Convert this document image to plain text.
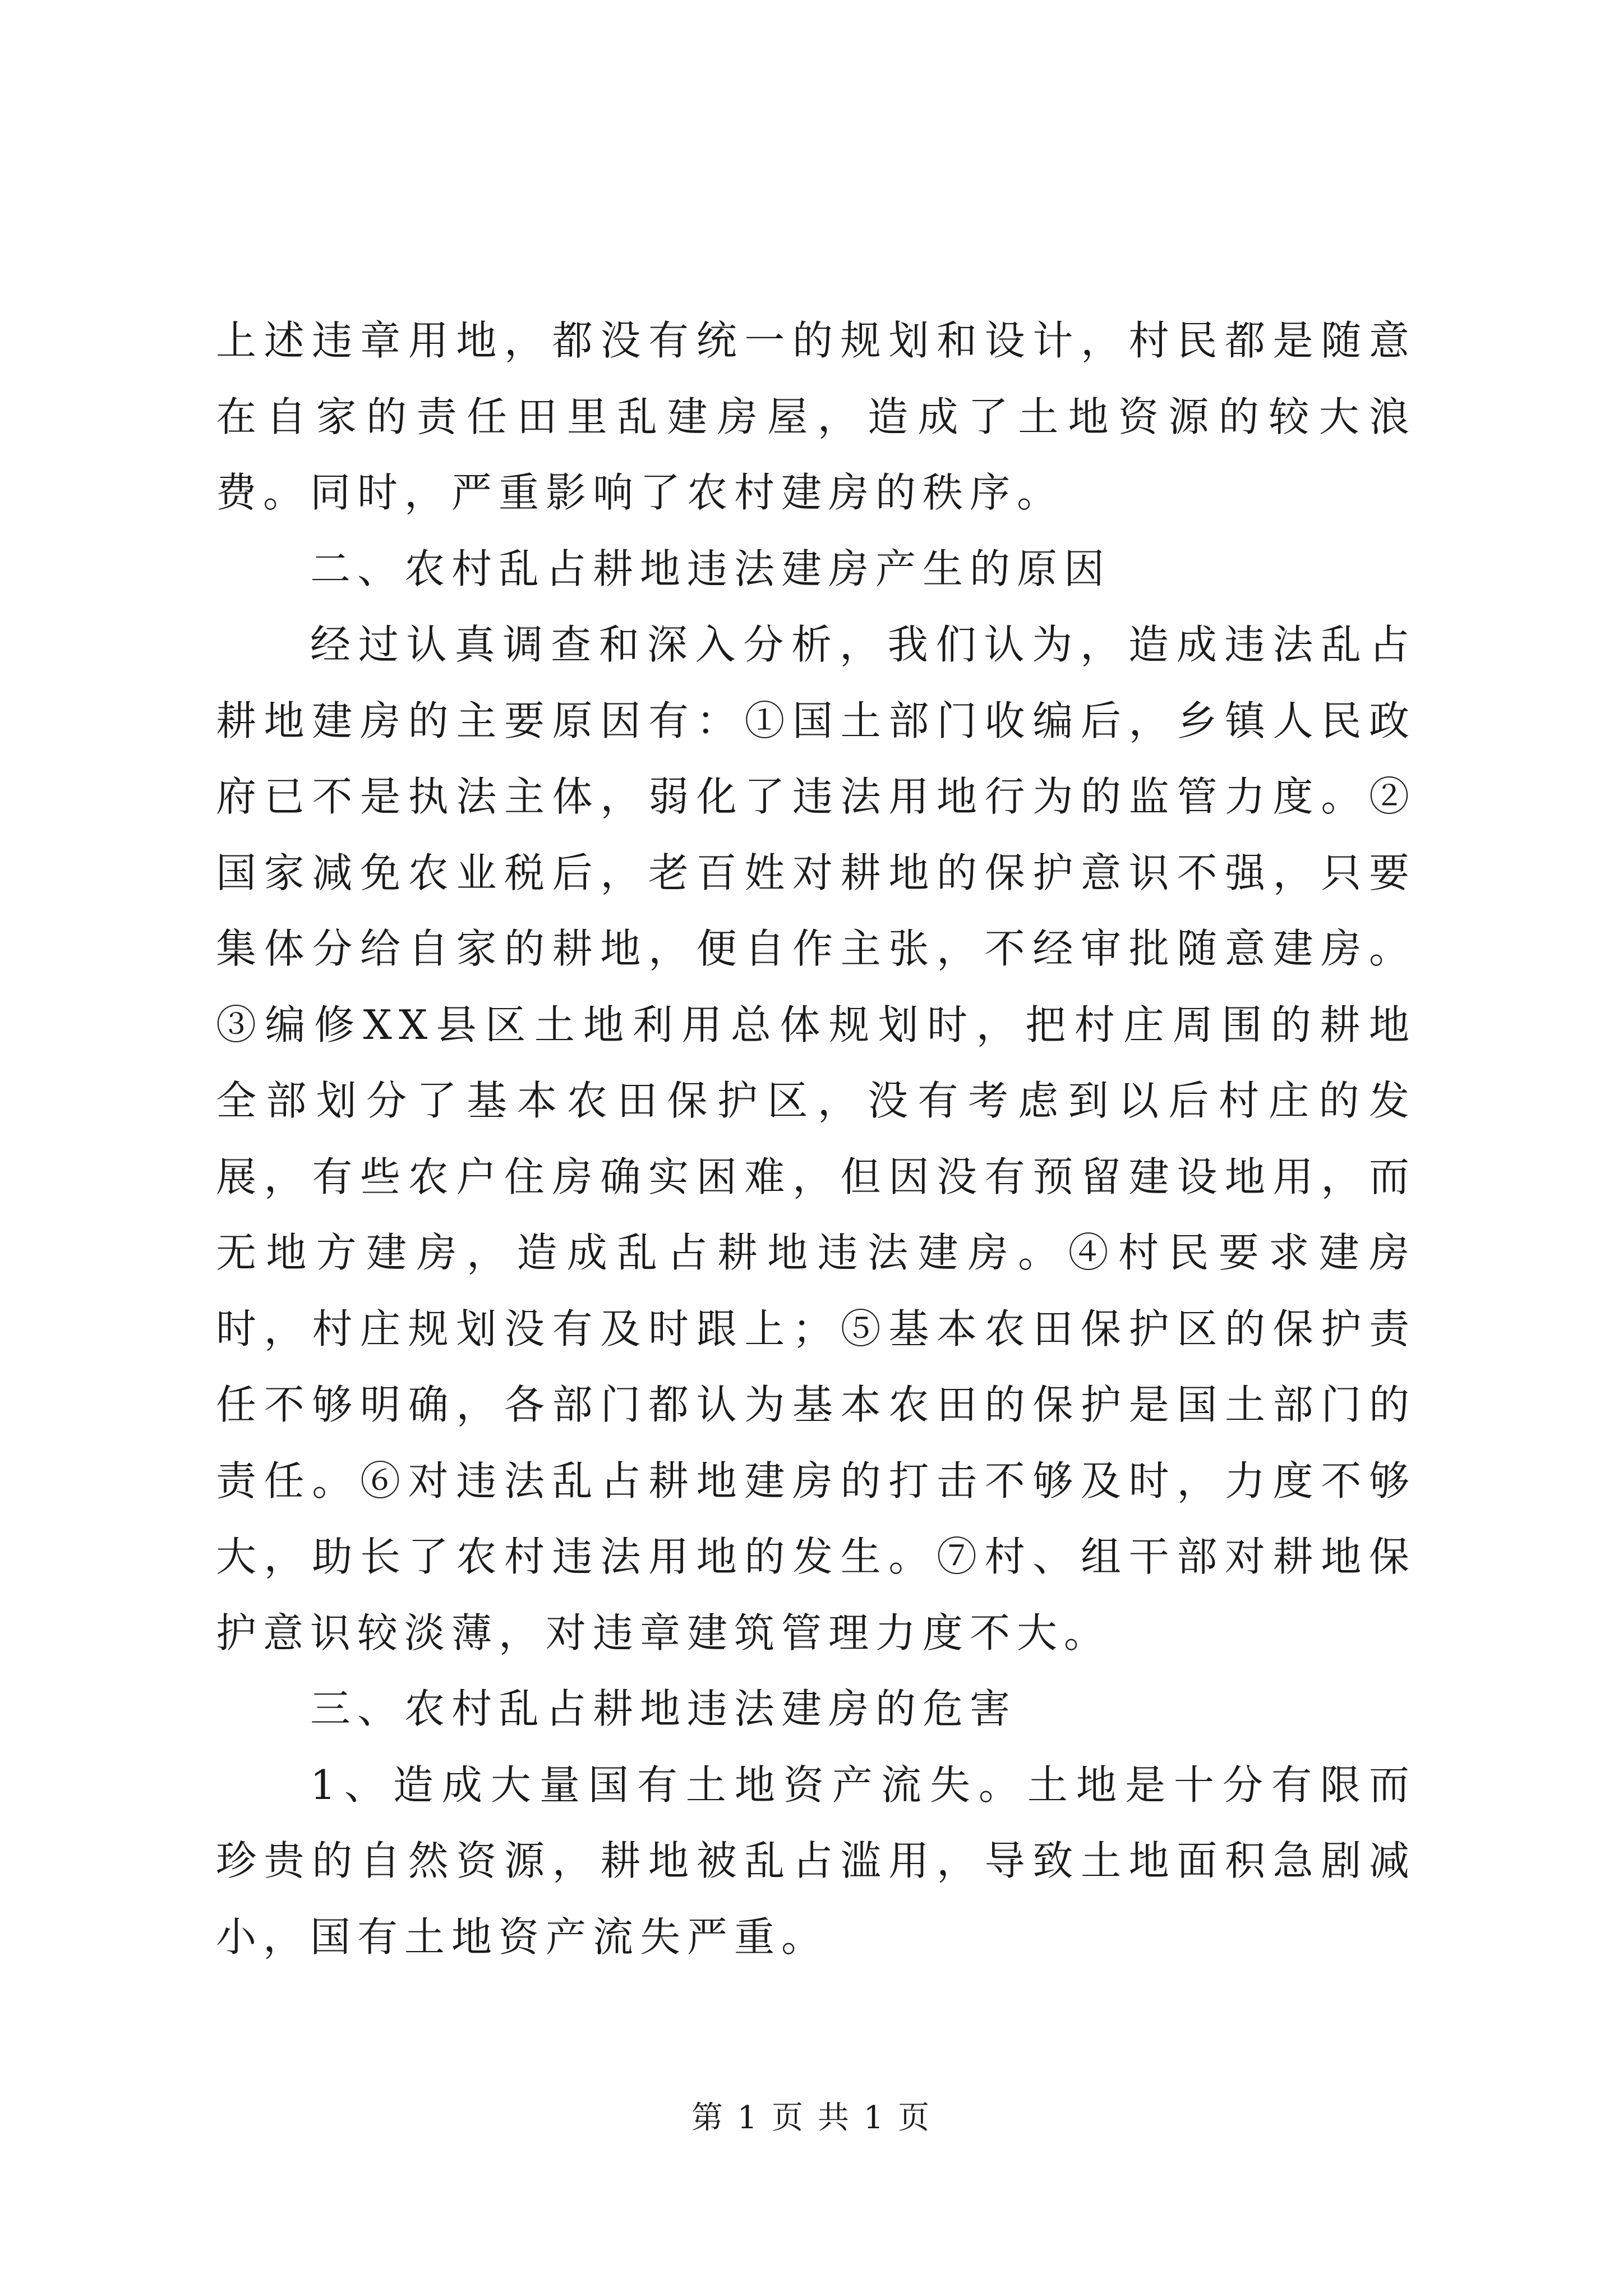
上述违章用地，都没有统一的规划和设计，村民都是随意在自家的责任田里乱建房屋，造成了土地资源的较大浪费。同时，严重影响了农村建房的秩序。

二、农村乱占耕地违法建房产生的原因

经过认真调查和深入分析，我们认为，造成违法乱占耕地建房的主要原因有：①国土部门收编后，乡镇人民政府已不是执法主体，弱化了违法用地行为的监管力度。②国家减免农业税后，老百姓对耕地的保护意识不强，只要集体分给自家的耕地，便自作主张，不经审批随意建房。③编修XX县区土地利用总体规划时，把村庄周围的耕地全部划分了基本农田保护区，没有考虑到以后村庄的发展，有些农户住房确实困难，但因没有预留建设地用，而无地方建房，造成乱占耕地违法建房。④村民要求建房时，村庄规划没有及时跟上；⑤基本农田保护区的保护责任不够明确，各部门都认为基本农田的保护是国土部门的责任。⑥对违法乱占耕地建房的打击不够及时，力度不够大，助长了农村违法用地的发生。⑦村、组干部对耕地保护意识较淡薄，对违章建筑管理力度不大。

三、农村乱占耕地违法建房的危害

1、造成大量国有土地资产流失。土地是十分有限而珍贵的自然资源，耕地被乱占滥用，导致土地面积急剧减小，国有土地资产流失严重。

第 1 页 共 1 页
